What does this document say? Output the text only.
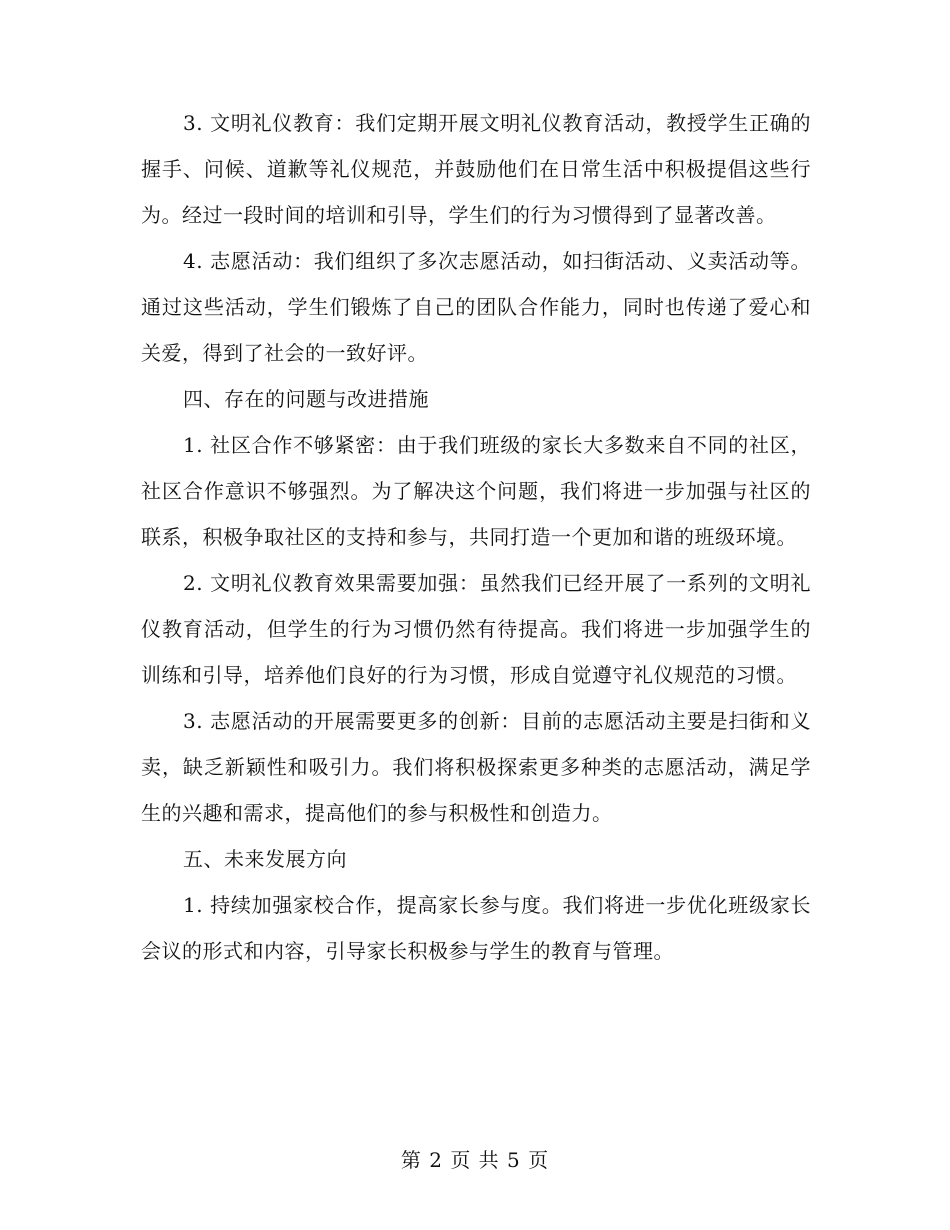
3. 文明礼仪教育：我们定期开展文明礼仪教育活动，教授学生正确的握手、问候、道歉等礼仪规范，并鼓励他们在日常生活中积极提倡这些行为。经过一段时间的培训和引导，学生们的行为习惯得到了显著改善。

4. 志愿活动：我们组织了多次志愿活动，如扫街活动、义卖活动等。通过这些活动，学生们锻炼了自己的团队合作能力，同时也传递了爱心和关爱，得到了社会的一致好评。

四、存在的问题与改进措施

1. 社区合作不够紧密：由于我们班级的家长大多数来自不同的社区，社区合作意识不够强烈。为了解决这个问题，我们将进一步加强与社区的联系，积极争取社区的支持和参与，共同打造一个更加和谐的班级环境。

2. 文明礼仪教育效果需要加强：虽然我们已经开展了一系列的文明礼仪教育活动，但学生的行为习惯仍然有待提高。我们将进一步加强学生的训练和引导，培养他们良好的行为习惯，形成自觉遵守礼仪规范的习惯。

3. 志愿活动的开展需要更多的创新：目前的志愿活动主要是扫街和义卖，缺乏新颖性和吸引力。我们将积极探索更多种类的志愿活动，满足学生的兴趣和需求，提高他们的参与积极性和创造力。

五、未来发展方向

1. 持续加强家校合作，提高家长参与度。我们将进一步优化班级家长会议的形式和内容，引导家长积极参与学生的教育与管理。

第 2 页 共 5 页
